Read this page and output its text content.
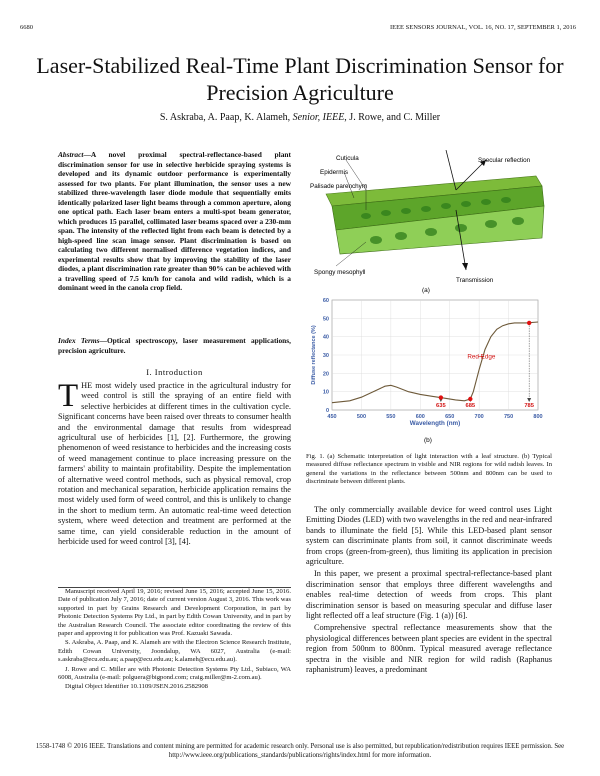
6680	IEEE SENSORS JOURNAL, VOL. 16, NO. 17, SEPTEMBER 1, 2016
Laser-Stabilized Real-Time Plant Discrimination Sensor for Precision Agriculture
S. Askraba, A. Paap, K. Alameh, Senior, IEEE, J. Rowe, and C. Miller
Abstract—A novel proximal spectral-reflectance-based plant discrimination sensor for use in selective herbicide spraying systems is developed and its dynamic outdoor performance is experimentally assessed for two plants. For plant illumination, the sensor uses a new stabilized three-wavelength laser diode module that sequentially emits identically polarized laser light beams through a common aperture, along one optical path. Each laser beam enters a multi-spot beam generator, which produces 15 parallel, collimated laser beams spaced over a 230-mm span. The intensity of the reflected light from each beam is detected by a high-speed line scan image sensor. Plant discrimination is based on calculating two different normalised difference vegetation indices, and experimental results show that by improving the stability of the laser diodes, a plant discrimination rate greater than 90% can be achieved with a travelling speed of 7.5 km/h for canola and wild radish, which is a dominant weed in the canola crop field.
Index Terms—Optical spectroscopy, laser measurement applications, precision agriculture.
I. Introduction
THE most widely used practice in the agricultural industry for weed control is still the spraying of an entire field with selective herbicides at different times in the cultivation cycle. Significant concerns have been raised over threats to consumer health and the environmental damage that results from widespread agricultural use of herbicides [1], [2]. Furthermore, the growing phenomenon of weed resistance to herbicides and the increasing costs of weed management continue to place increasing pressure on the farmers' ability to maintain profitability. Despite the implementation of alternative weed control methods, such as physical removal, crop rotation and mechanical separation, herbicide application remains the most widely used form of weed control, and this is unlikely to change in the short to medium term. An automatic real-time weed detection system, where weed detection and treatment are performed at the same time, can yield considerable reduction in the amount of herbicide used for weed control [3], [4].

Manuscript received April 19, 2016; revised June 15, 2016; accepted June 15, 2016. Date of publication July 7, 2016; date of current version August 3, 2016. This work was supported in part by Grains Research and Development Corporation, in part by Photonic Detection Systems Pty Ltd., in part by Edith Cowan University, and in part by the Australian Research Council. The associate editor coordinating the review of this paper and approving it for publication was Prof. Kazuaki Sawada.

S. Askraba, A. Paap, and K. Alameh are with the Electron Science Research Institute, Edith Cowan University, Joondalup, WA 6027, Australia (e-mail: s.askraba@ecu.edu.au; a.paap@ecu.edu.au; k.alameh@ecu.edu.au).

J. Rowe and C. Miller are with Photonic Detection Systems Pty Ltd., Subiaco, WA 6008, Australia (e-mail: polguera@bigpond.com; craig.miller@m-2.com.au).

Digital Object Identifier 10.1109/JSEN.2016.2582908

Cuticula
Epidermis
Palisade parenchym
Spongy mesophyll
Specular reflection
Transmission
(a)
0
10
20
30
40
50
60
450	500	550	600	650	700	750	800
635	685	785
Red Edge
Wavelength (nm)
Diffuse reflectance (%)
(b)
Fig. 1. (a) Schematic interpretation of light interaction with a leaf structure. (b) Typical measured diffuse reflectance spectrum in visible and NIR regions for wild radish leaves. In general the variations in the reflectance between 500nm and 800nm can be used to discriminate between different plants.

The only commercially available device for weed control uses Light Emitting Diodes (LED) with two wavelengths in the red and near-infrared bands to illuminate the field [5]. While this LED-based plant sensor system can discriminate plants from soil, it cannot discriminate weeds from crops (green-from-green), thus limiting its application in precision agriculture.

In this paper, we present a proximal spectral-reflectance-based plant discrimination sensor that employs three different wavelengths and enables real-time detection of weeds from crops. This plant discrimination sensor is based on measuring specular and diffuse laser light reflected off a leaf structure (Fig. 1 (a)) [6].

Comprehensive spectral reflectance measurements show that the physiological differences between plant species are evident in the spectral region from 500nm to 800nm. Typical measured average reflectance spectra in the visible and NIR region for wild radish (Raphanus raphanistrum) leaves, a predominant

1558-1748 © 2016 IEEE. Translations and content mining are permitted for academic research only. Personal use is also permitted, but republication/redistribution requires IEEE permission. See http://www.ieee.org/publications_standards/publications/rights/index.html for more information.
